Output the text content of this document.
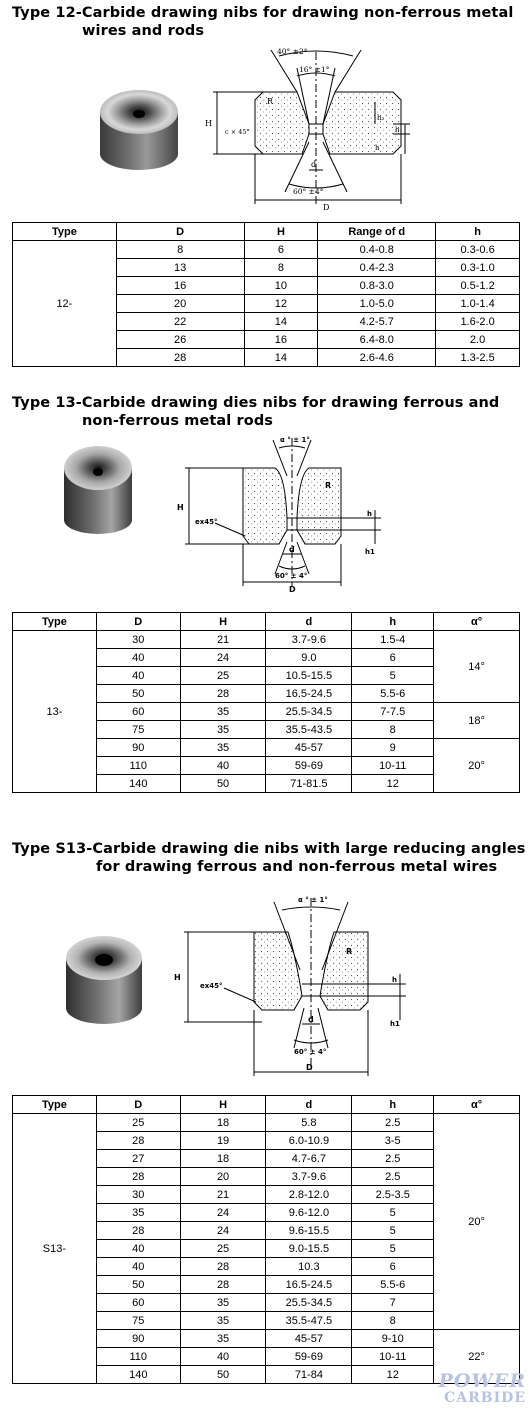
Type 12-Carbide drawing nibs for drawing non-ferrous metal
wires and rods
40° ±2°
16° ±1°
60° ±4°
H
D
d
R
c × 45°
h₂
h₁
h
Type	D	H	Range of d	h
12-	8	6	0.4-0.8	0.3-0.6
	13	8	0.4-2.3	0.3-1.0
	16	10	0.8-3.0	0.5-1.2
	20	12	1.0-5.0	1.0-1.4
	22	14	4.2-5.7	1.6-2.0
	26	16	6.4-8.0	2.0
	28	14	2.6-4.6	1.3-2.5
Type 13-Carbide drawing dies nibs for drawing ferrous and
non-ferrous metal rods
α ° ± 1°
60° ± 4°
H
D
d
R
ex45°
h
h1
Type	D	H	d	h	α°
13-	30	21	3.7-9.6	1.5-4	14°
	40	24	9.0	6	
	40	25	10.5-15.5	5	
	50	28	16.5-24.5	5.5-6	
	60	35	25.5-34.5	7-7.5	18°
	75	35	35.5-43.5	8	
	90	35	45-57	9	20°
	110	40	59-69	10-11	
	140	50	71-81.5	12	
Type S13-Carbide drawing die nibs with large reducing angles
for drawing ferrous and non-ferrous metal wires
α ° ± 1°
60° ± 4°
H
D
d
R
ex45°
h
h1
Type	D	H	d	h	α°
S13-	25	18	5.8	2.5	20°
	28	19	6.0-10.9	3-5	
	27	18	4.7-6.7	2.5	
	28	20	3.7-9.6	2.5	
	30	21	2.8-12.0	2.5-3.5	
	35	24	9.6-12.0	5	
	28	24	9.6-15.5	5	
	40	25	9.0-15.5	5	
	40	28	10.3	6	
	50	28	16.5-24.5	5.5-6	
	60	35	25.5-34.5	7	
	75	35	35.5-47.5	8	
	90	35	45-57	9-10	22°
	110	40	59-69	10-11	
	140	50	71-84	12	POWER
CARBIDE
